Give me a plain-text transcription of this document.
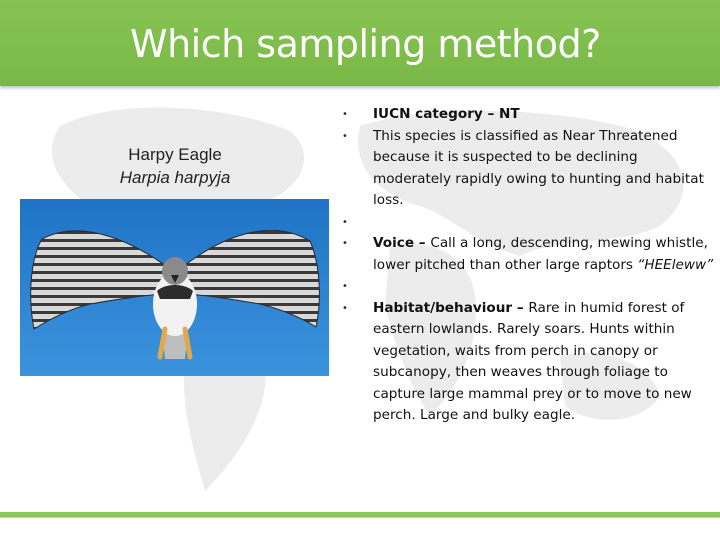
Which sampling method?
Harpy Eagle
Harpia harpyja
• IUCN category – NT
• This species is classified as Near Threatened because it is suspected to be declining moderately rapidly owing to hunting and habitat loss.
•
• Voice – Call a long, descending, mewing whistle, lower pitched than other large raptors “HEEleww”
•
• Habitat/behaviour – Rare in humid forest of eastern lowlands. Rarely soars. Hunts within vegetation, waits from perch in canopy or subcanopy, then weaves through foliage to capture large mammal prey or to move to new perch. Large and bulky eagle.
